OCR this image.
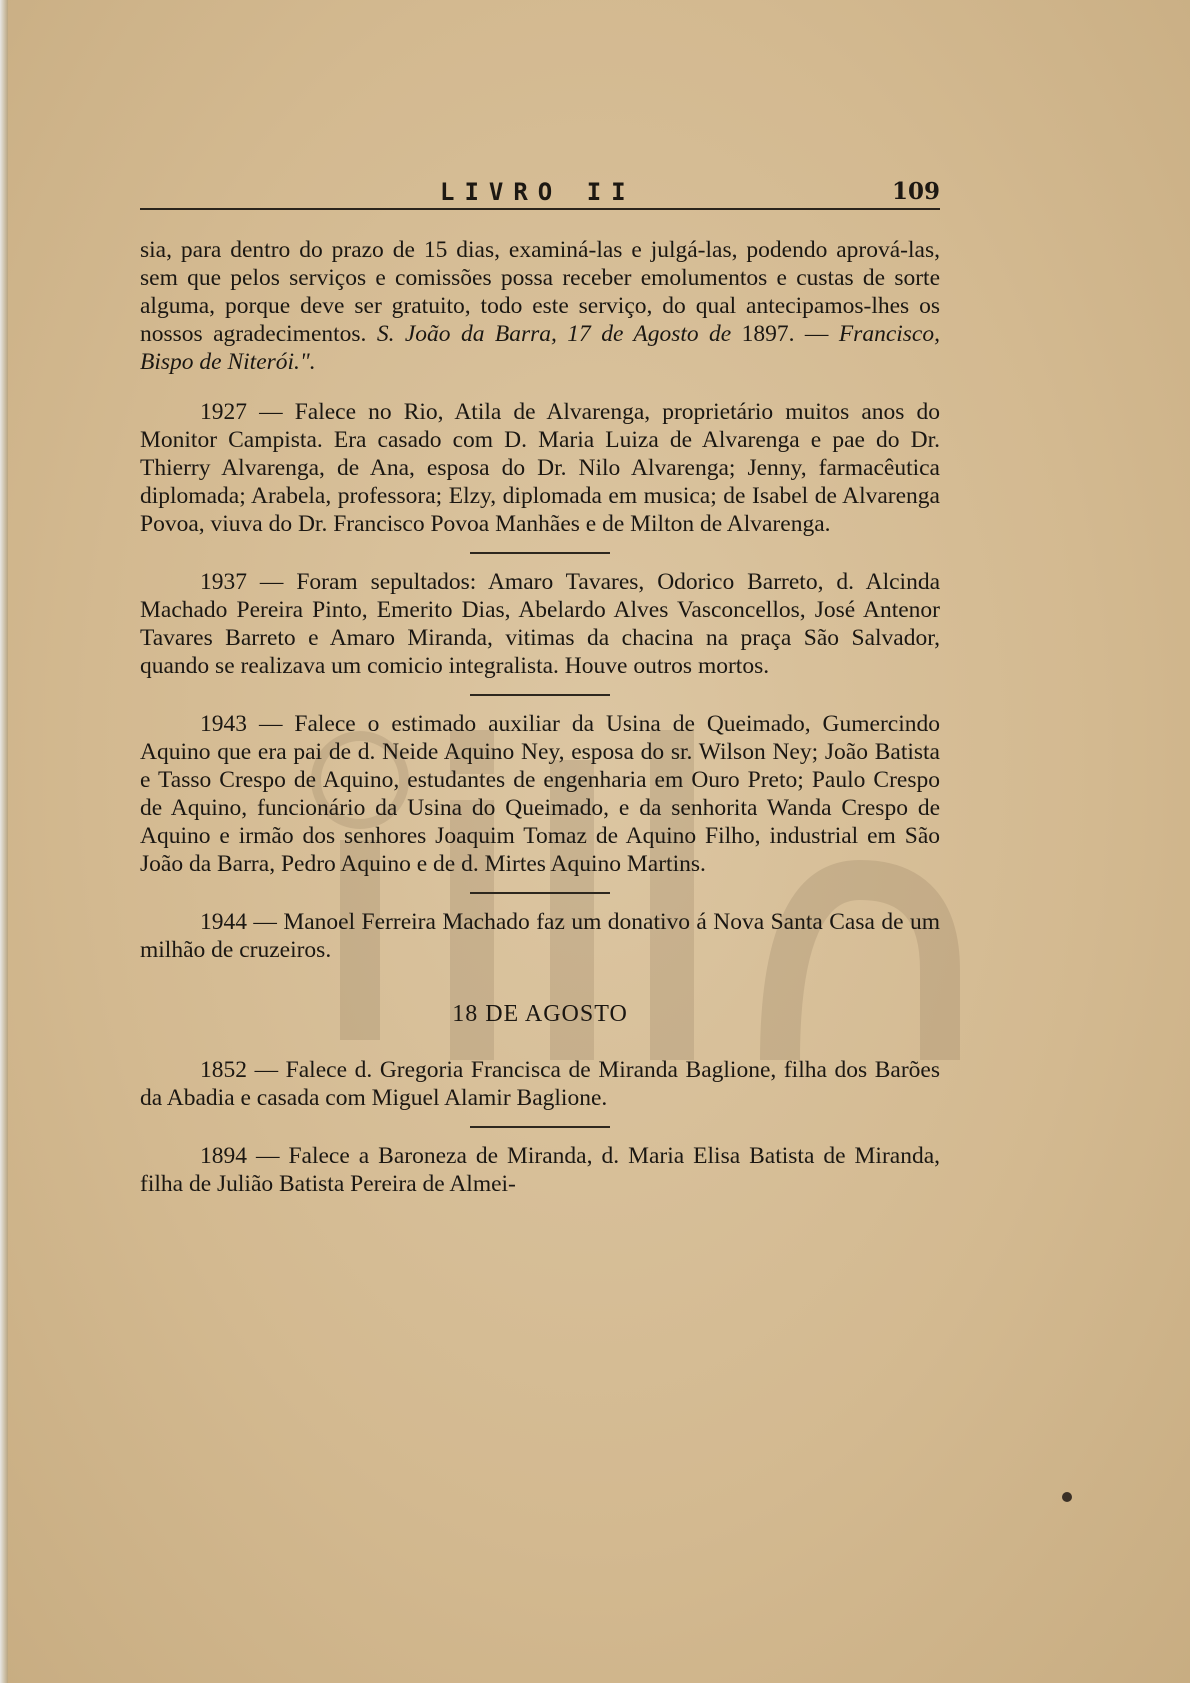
LIVRO II	109

sia, para dentro do prazo de 15 dias, examiná-las e julgá-las, podendo aprová-las, sem que pelos serviços e comissões possa receber emolumentos e custas de sorte alguma, porque deve ser gratuito, todo este serviço, do qual antecipamos-lhes os nossos agradecimentos. S. João da Barra, 17 de Agosto de 1897. — Francisco, Bispo de Niterói.".

1927 — Falece no Rio, Atila de Alvarenga, proprietário muitos anos do Monitor Campista. Era casado com D. Maria Luiza de Alvarenga e pae do Dr. Thierry Alvarenga, de Ana, esposa do Dr. Nilo Alvarenga; Jenny, farmacêutica diplomada; Arabela, professora; Elzy, diplomada em musica; de Isabel de Alvarenga Povoa, viuva do Dr. Francisco Povoa Manhães e de Milton de Alvarenga.

1937 — Foram sepultados: Amaro Tavares, Odorico Barreto, d. Alcinda Machado Pereira Pinto, Emerito Dias, Abelardo Alves Vasconcellos, José Antenor Tavares Barreto e Amaro Miranda, vitimas da chacina na praça São Salvador, quando se realizava um comicio integralista. Houve outros mortos.

1943 — Falece o estimado auxiliar da Usina de Queimado, Gumercindo Aquino que era pai de d. Neide Aquino Ney, esposa do sr. Wilson Ney; João Batista e Tasso Crespo de Aquino, estudantes de engenharia em Ouro Preto; Paulo Crespo de Aquino, funcionário da Usina do Queimado, e da senhorita Wanda Crespo de Aquino e irmão dos senhores Joaquim Tomaz de Aquino Filho, industrial em São João da Barra, Pedro Aquino e de d. Mirtes Aquino Martins.

1944 — Manoel Ferreira Machado faz um donativo á Nova Santa Casa de um milhão de cruzeiros.

18 DE AGOSTO

1852 — Falece d. Gregoria Francisca de Miranda Baglione, filha dos Barões da Abadia e casada com Miguel Alamir Baglione.

1894 — Falece a Baroneza de Miranda, d. Maria Elisa Batista de Miranda, filha de Julião Batista Pereira de Almei-
